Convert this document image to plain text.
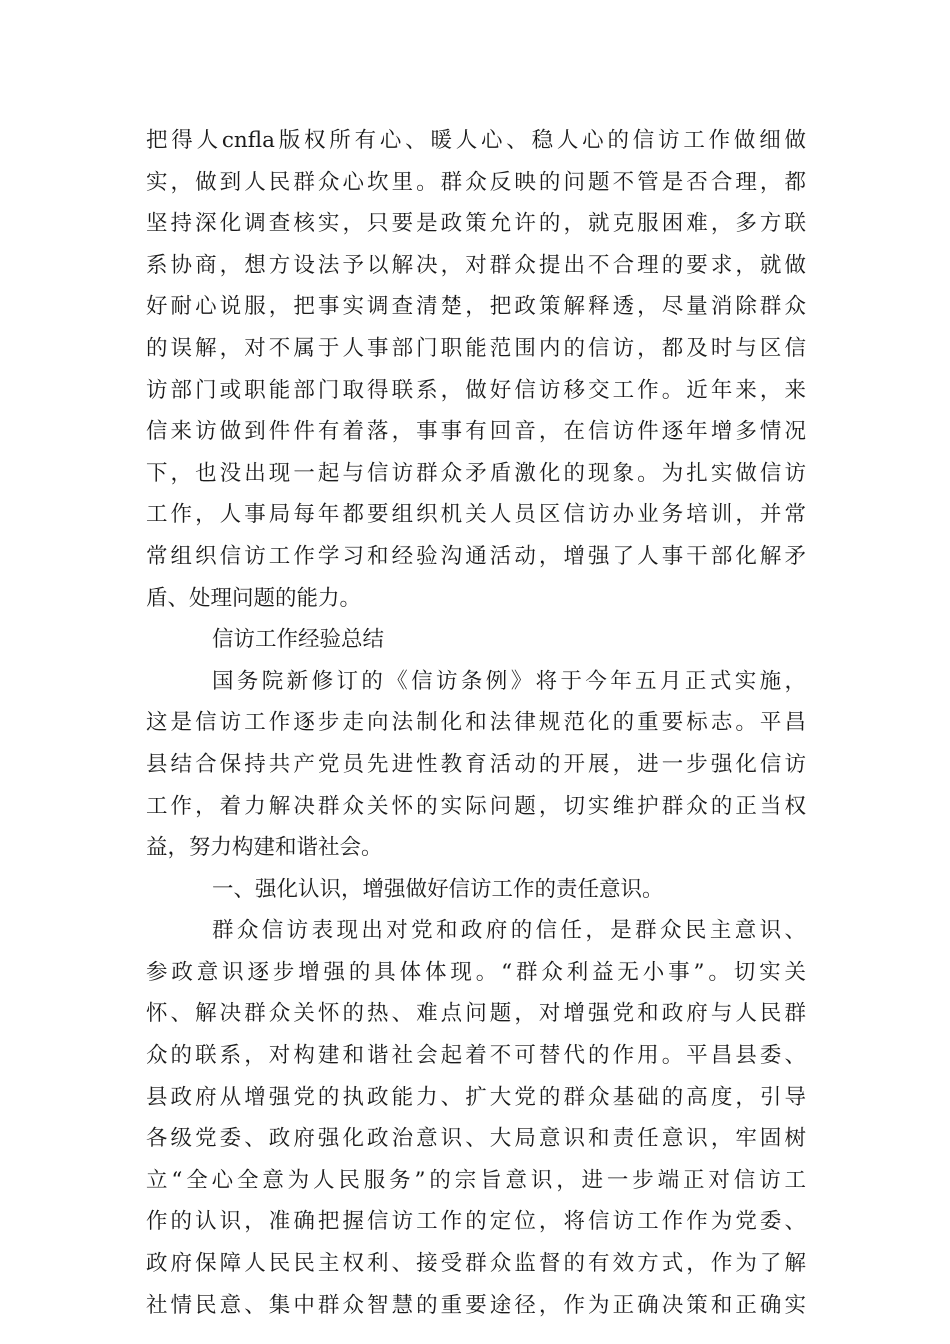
把得人cnfla版权所有心、暖人心、稳人心的信访工作做细做
实，做到人民群众心坎里。群众反映的问题不管是否合理，都
坚持深化调查核实，只要是政策允许的，就克服困难，多方联
系协商，想方设法予以解决，对群众提出不合理的要求，就做
好耐心说服，把事实调查清楚，把政策解释透，尽量消除群众
的误解，对不属于人事部门职能范围内的信访，都及时与区信
访部门或职能部门取得联系，做好信访移交工作。近年来，来
信来访做到件件有着落，事事有回音，在信访件逐年增多情况
下，也没出现一起与信访群众矛盾激化的现象。为扎实做信访
工作，人事局每年都要组织机关人员区信访办业务培训，并常
常组织信访工作学习和经验沟通活动，增强了人事干部化解矛
盾、处理问题的能力。
信访工作经验总结
国务院新修订的《信访条例》将于今年五月正式实施，
这是信访工作逐步走向法制化和法律规范化的重要标志。平昌
县结合保持共产党员先进性教育活动的开展，进一步强化信访
工作，着力解决群众关怀的实际问题，切实维护群众的正当权
益，努力构建和谐社会。
一、强化认识，增强做好信访工作的责任意识。
群众信访表现出对党和政府的信任，是群众民主意识、
参政意识逐步增强的具体体现。“群众利益无小事”。切实关
怀、解决群众关怀的热、难点问题，对增强党和政府与人民群
众的联系，对构建和谐社会起着不可替代的作用。平昌县委、
县政府从增强党的执政能力、扩大党的群众基础的高度，引导
各级党委、政府强化政治意识、大局意识和责任意识，牢固树
立“全心全意为人民服务”的宗旨意识，进一步端正对信访工
作的认识，准确把握信访工作的定位，将信访工作作为党委、
政府保障人民民主权利、接受群众监督的有效方式，作为了解
社情民意、集中群众智慧的重要途径，作为正确决策和正确实
